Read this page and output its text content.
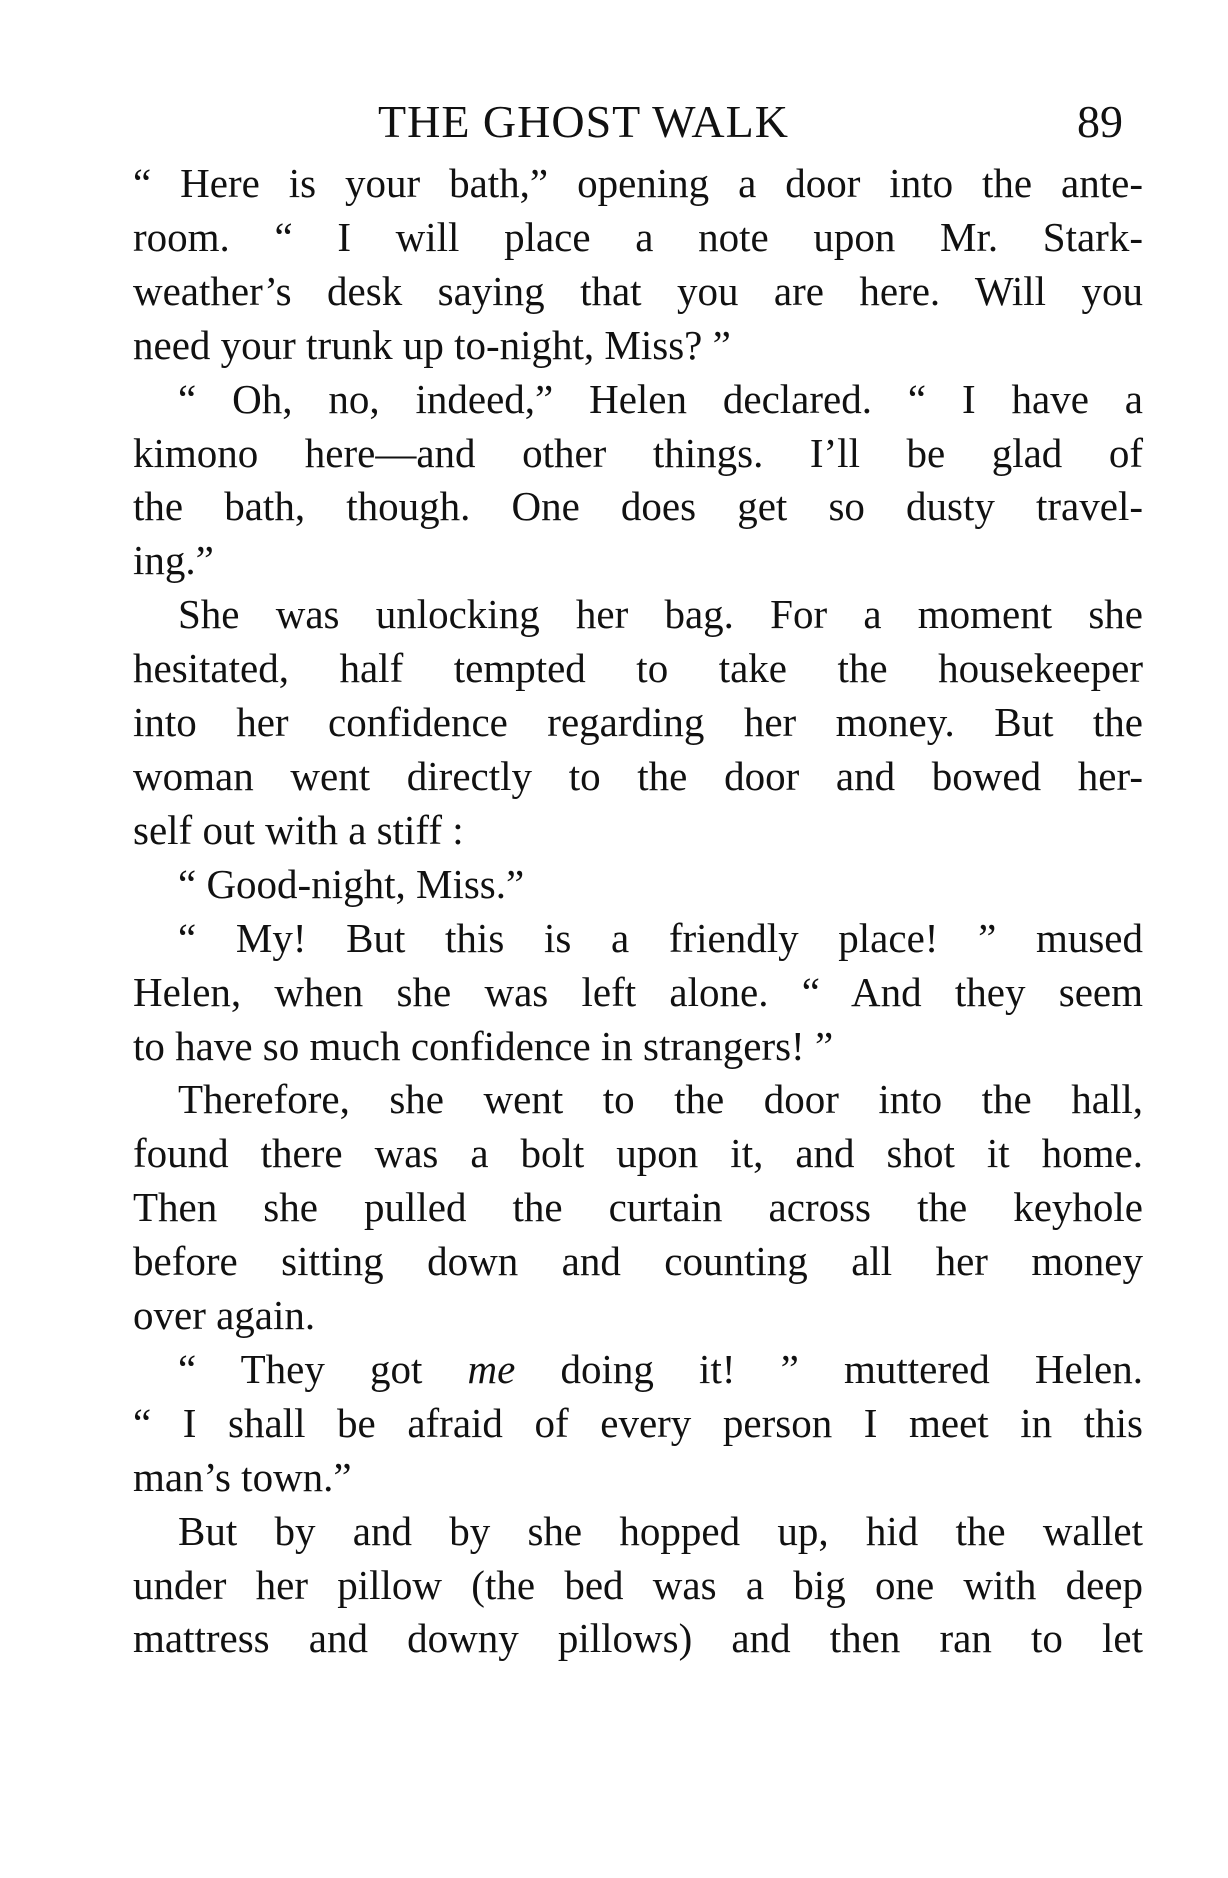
THE GHOST WALK	89
“ Here is your bath,” opening a door into the ante-
room. “ I will place a note upon Mr. Stark-
weather’s desk saying that you are here. Will you
need your trunk up to-night, Miss? ”
“ Oh, no, indeed,” Helen declared. “ I have a
kimono here—and other things. I’ll be glad of
the bath, though. One does get so dusty travel-
ing.”
She was unlocking her bag. For a moment she
hesitated, half tempted to take the housekeeper
into her confidence regarding her money. But the
woman went directly to the door and bowed her-
self out with a stiff :
“ Good-night, Miss.”
“ My! But this is a friendly place! ” mused
Helen, when she was left alone. “ And they seem
to have so much confidence in strangers! ”
Therefore, she went to the door into the hall,
found there was a bolt upon it, and shot it home.
Then she pulled the curtain across the keyhole
before sitting down and counting all her money
over again.
“ They got me doing it! ” muttered Helen.
“ I shall be afraid of every person I meet in this
man’s town.”
But by and by she hopped up, hid the wallet
under her pillow (the bed was a big one with deep
mattress and downy pillows) and then ran to let
